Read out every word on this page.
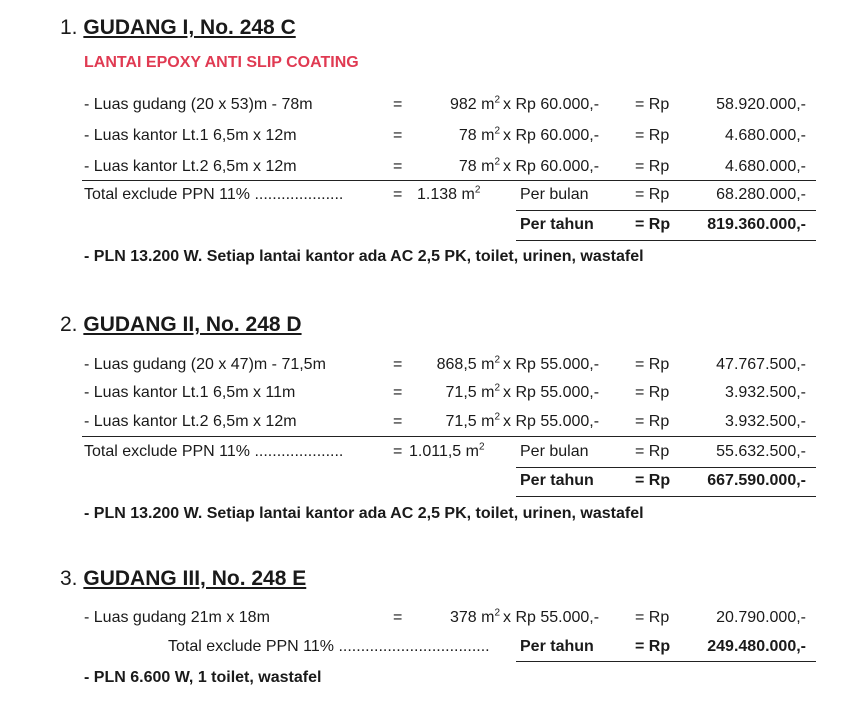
1. GUDANG I, No. 248 C
LANTAI EPOXY ANTI SLIP COATING
- Luas gudang (20 x 53)m - 78m	=	982 $m^2$ x Rp 60.000,- = Rp	58.920.000,-
- Luas kantor Lt.1 6,5m x 12m	=	78 $m^2$ x Rp 60.000,- = Rp	4.680.000,-
- Luas kantor Lt.2 6,5m x 12m	=	78 $m^2$ x Rp 60.000,- = Rp	4.680.000,-
Total exclude PPN 11% ....................	= 1.138 $m^2$ Per bulan	= Rp	68.280.000,-
Per tahun	= Rp	819.360.000,-
- PLN 13.200 W. Setiap lantai kantor ada AC 2,5 PK, toilet, urinen, wastafel
2. GUDANG II, No. 248 D
- Luas gudang (20 x 47)m - 71,5m	=	868,5 $m^2$ x Rp 55.000,- = Rp	47.767.500,-
- Luas kantor Lt.1 6,5m x 11m	=	71,5 $m^2$ x Rp 55.000,- = Rp	3.932.500,-
- Luas kantor Lt.2 6,5m x 12m	=	71,5 $m^2$ x Rp 55.000,- = Rp	3.932.500,-
Total exclude PPN 11% ....................	= 1.011,5 $m^2$ Per bulan	= Rp	55.632.500,-
Per tahun	= Rp	667.590.000,-
- PLN 13.200 W. Setiap lantai kantor ada AC 2,5 PK, toilet, urinen, wastafel
3. GUDANG III, No. 248 E
- Luas gudang 21m x 18m	=	378 $m^2$ x Rp 55.000,- = Rp	20.790.000,-
Total exclude PPN 11% .................................. Per tahun	= Rp	249.480.000,-
- PLN 6.600 W, 1 toilet, wastafel
